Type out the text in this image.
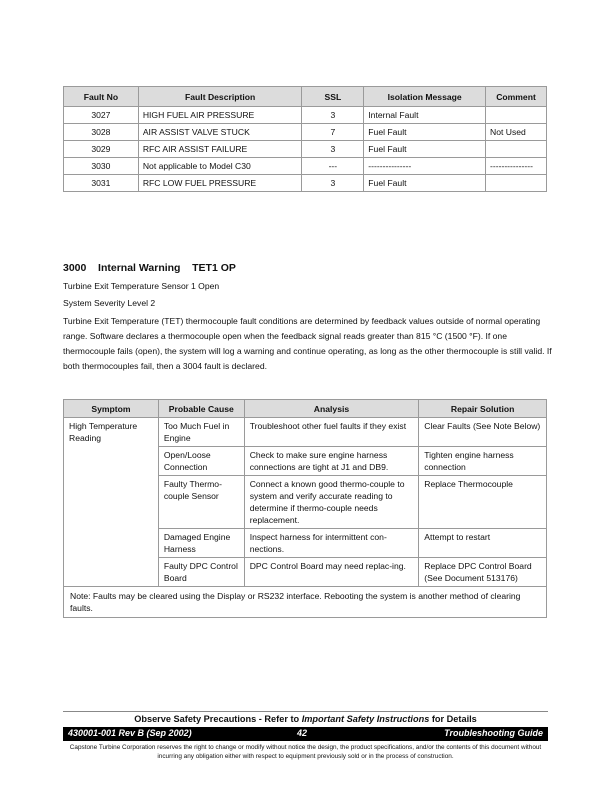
Fault No	Fault Description	SSL	Isolation Message	Comment
3027	HIGH FUEL AIR PRESSURE	3	Internal Fault	
3028	AIR ASSIST VALVE STUCK	7	Fuel Fault	Not Used
3029	RFC AIR ASSIST FAILURE	3	Fuel Fault	
3030	Not applicable to Model C30	---	---------------	---------------
3031	RFC LOW FUEL PRESSURE	3	Fuel Fault	
3000    Internal Warning    TET1 OP
Turbine Exit Temperature Sensor 1 Open
System Severity Level 2
Turbine Exit Temperature (TET) thermocouple fault conditions are determined by feedback values outside of normal operating range. Software declares a thermocouple open when the feedback signal reads greater than 815 °C (1500 °F). If one thermocouple fails (open), the system will log a warning and continue operating, as long as the other thermocouple is still valid. If both thermocouples fail, then a 3004 fault is declared.
Symptom	Probable Cause	Analysis	Repair Solution
High Temperature Reading	Too Much Fuel in Engine	Troubleshoot other fuel faults if they exist	Clear Faults (See Note Below)
	Open/Loose Connection	Check to make sure engine harness connections are tight at J1 and DB9.	Tighten engine harness connection
	Faulty Thermo-couple Sensor	Connect a known good thermo-couple to system and verify accurate reading to determine if thermo-couple needs replacement.	Replace Thermocouple
	Damaged Engine Harness	Inspect harness for intermittent con-nections.	Attempt to restart
	Faulty DPC Control Board	DPC Control Board may need replac-ing.	Replace DPC Control Board (See Document 513176)
Note: Faults may be cleared using the Display or RS232 interface. Rebooting the system is another method of clearing faults.			
Observe Safety Precautions - Refer to Important Safety Instructions for Details
430001-001 Rev B (Sep 2002)	42	Troubleshooting Guide
Capstone Turbine Corporation reserves the right to change or modify without notice the design, the product specifications, and/or the contents of this document without incurring any obligation either with respect to equipment previously sold or in the process of construction.
